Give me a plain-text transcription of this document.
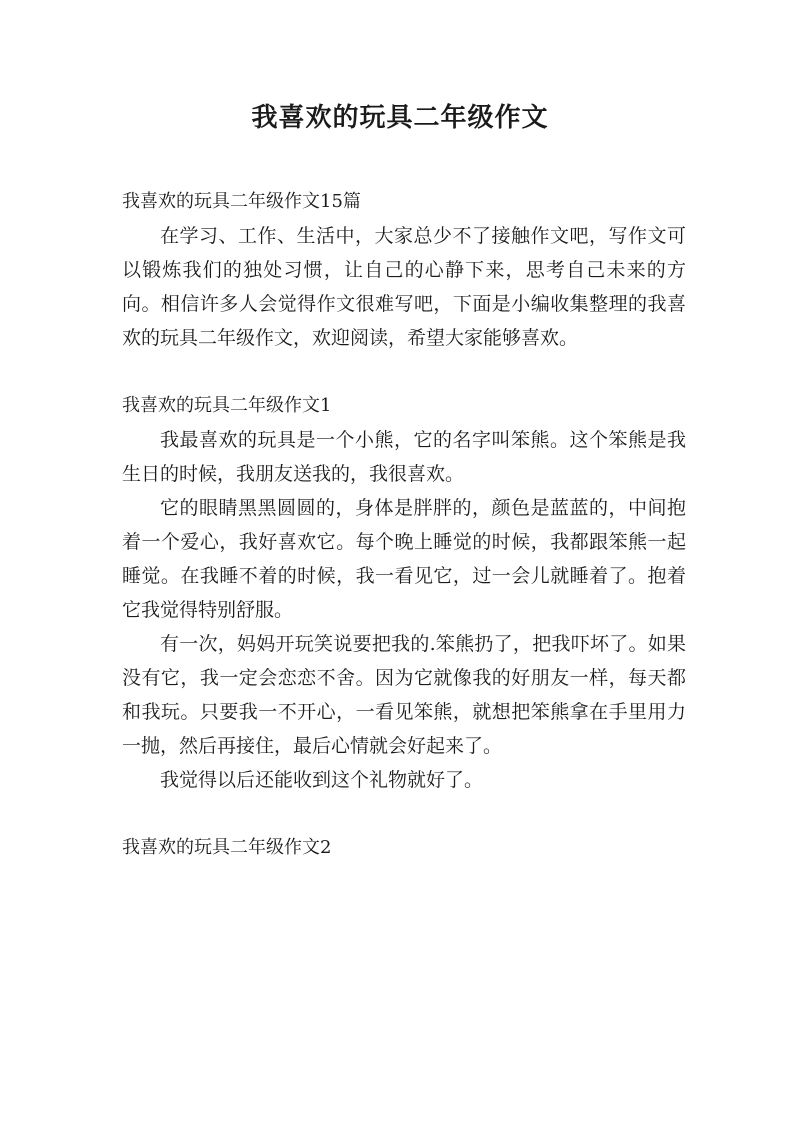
我喜欢的玩具二年级作文
我喜欢的玩具二年级作文15篇

在学习、工作、生活中，大家总少不了接触作文吧，写作文可以锻炼我们的独处习惯，让自己的心静下来，思考自己未来的方向。相信许多人会觉得作文很难写吧，下面是小编收集整理的我喜欢的玩具二年级作文，欢迎阅读，希望大家能够喜欢。

我喜欢的玩具二年级作文1

我最喜欢的玩具是一个小熊，它的名字叫笨熊。这个笨熊是我生日的时候，我朋友送我的，我很喜欢。

它的眼睛黑黑圆圆的，身体是胖胖的，颜色是蓝蓝的，中间抱着一个爱心，我好喜欢它。每个晚上睡觉的时候，我都跟笨熊一起睡觉。在我睡不着的时候，我一看见它，过一会儿就睡着了。抱着它我觉得特别舒服。

有一次，妈妈开玩笑说要把我的.笨熊扔了，把我吓坏了。如果没有它，我一定会恋恋不舍。因为它就像我的好朋友一样，每天都和我玩。只要我一不开心，一看见笨熊，就想把笨熊拿在手里用力一抛，然后再接住，最后心情就会好起来了。

我觉得以后还能收到这个礼物就好了。

我喜欢的玩具二年级作文2
